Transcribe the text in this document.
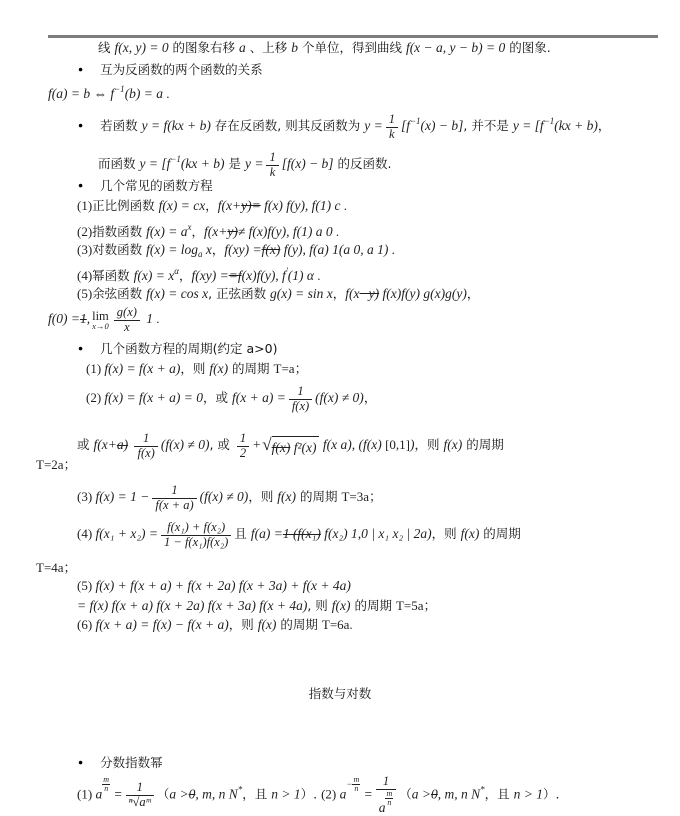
指数与对数
线 f(x, y) = 0 的图象右移 a 、上移 b 个单位，得到曲线 f(x − a, y − b) = 0 的图象.
● 互为反函数的两个函数的关系
f(a) = b ⇔ $f^{-1}(b) = a$ .
● 若函数 y = f(kx + b) 存在反函数, 则其反函数为 $y = \frac{1}{k} [f^{-1}(x) - b]$, 并不是 $y = [f^{-1}(kx + b)$，
而函数 $y = [f^{-1}(kx + b)$ 是 $y = \frac{1}{k} [f(x) - b]$ 的反函数.
● 几个常见的函数方程
(1)正比例函数 f(x) = cx，f(x+y)= f(x) f(y), f(1) c .
(2)指数函数 $f(x) = a^x$，f(x+y)≠ f(x)f(y), f(1) a 0 .
(3)对数函数 $f(x) = \log_a x$，f(xy) =f(x) f(y), f(a) 1(a 0, a 1) .
(4)幂函数 $f(x) = x^\alpha$，f(xy) ==f(x)f(y), f′(1) α .
(5)余弦函数 f(x) = cos x, 正弦函数 g(x) = sin x，f(x−y) f(x)f(y) g(x)g(y)，
f(0) =1, lim
$x\to 0 \frac{g(x)}{x} 1$ .
● 几个函数方程的周期(约定 a>0)
(1) f(x) = f(x + a)，则 f(x) 的周期 T=a；
(2) f(x) = f(x + a) = 0，或 $f(x + a) = \frac{1}{f(x)} (f(x) \ne 0)$，
或 $f(x+a) \frac{1}{f(x)} (f(x) \ne 0)$, 或 $\frac{1}{2}$ + √ f(x) f²(x) f(x a), (f(x) [0,1])，则 f(x) 的周期
T=2a；
(3) $f(x) = 1 - \frac{1}{f(x + a)} (f(x) \ne 0)$，则 f(x) 的周期 T=3a；
(4) $f(x_1 + x_2) = \frac{\text{f(x₁) + f(x₂)}}{\text{1 − f(x₁)f(x₂)}}$ 且 f(a) =1 (f(x₁) f(x₂) 1,0 | x₁ x₂ | 2a)，则 f(x) 的周期
T=4a；
(5) f(x) + f(x + a) + f(x + 2a) f(x + 3a) + f(x + 4a)
= f(x) f(x + a) f(x + 2a) f(x + 3a) f(x + 4a), 则 f(x) 的周期 T=5a；
(6) f(x + a) = f(x) − f(x + a)，则 f(x) 的周期 T=6a.
● 分数指数幂
(1) a
$\frac{m}{n}$
= $\frac{1}{\text{ⁿ√aᵐ}} (a >0$, m, n N*，且 n > 1）. (2) $a^- \frac{m}{n}$
= 1
a
$\frac{m}{n} (a >0$, m, n N*，且 n > 1）.
